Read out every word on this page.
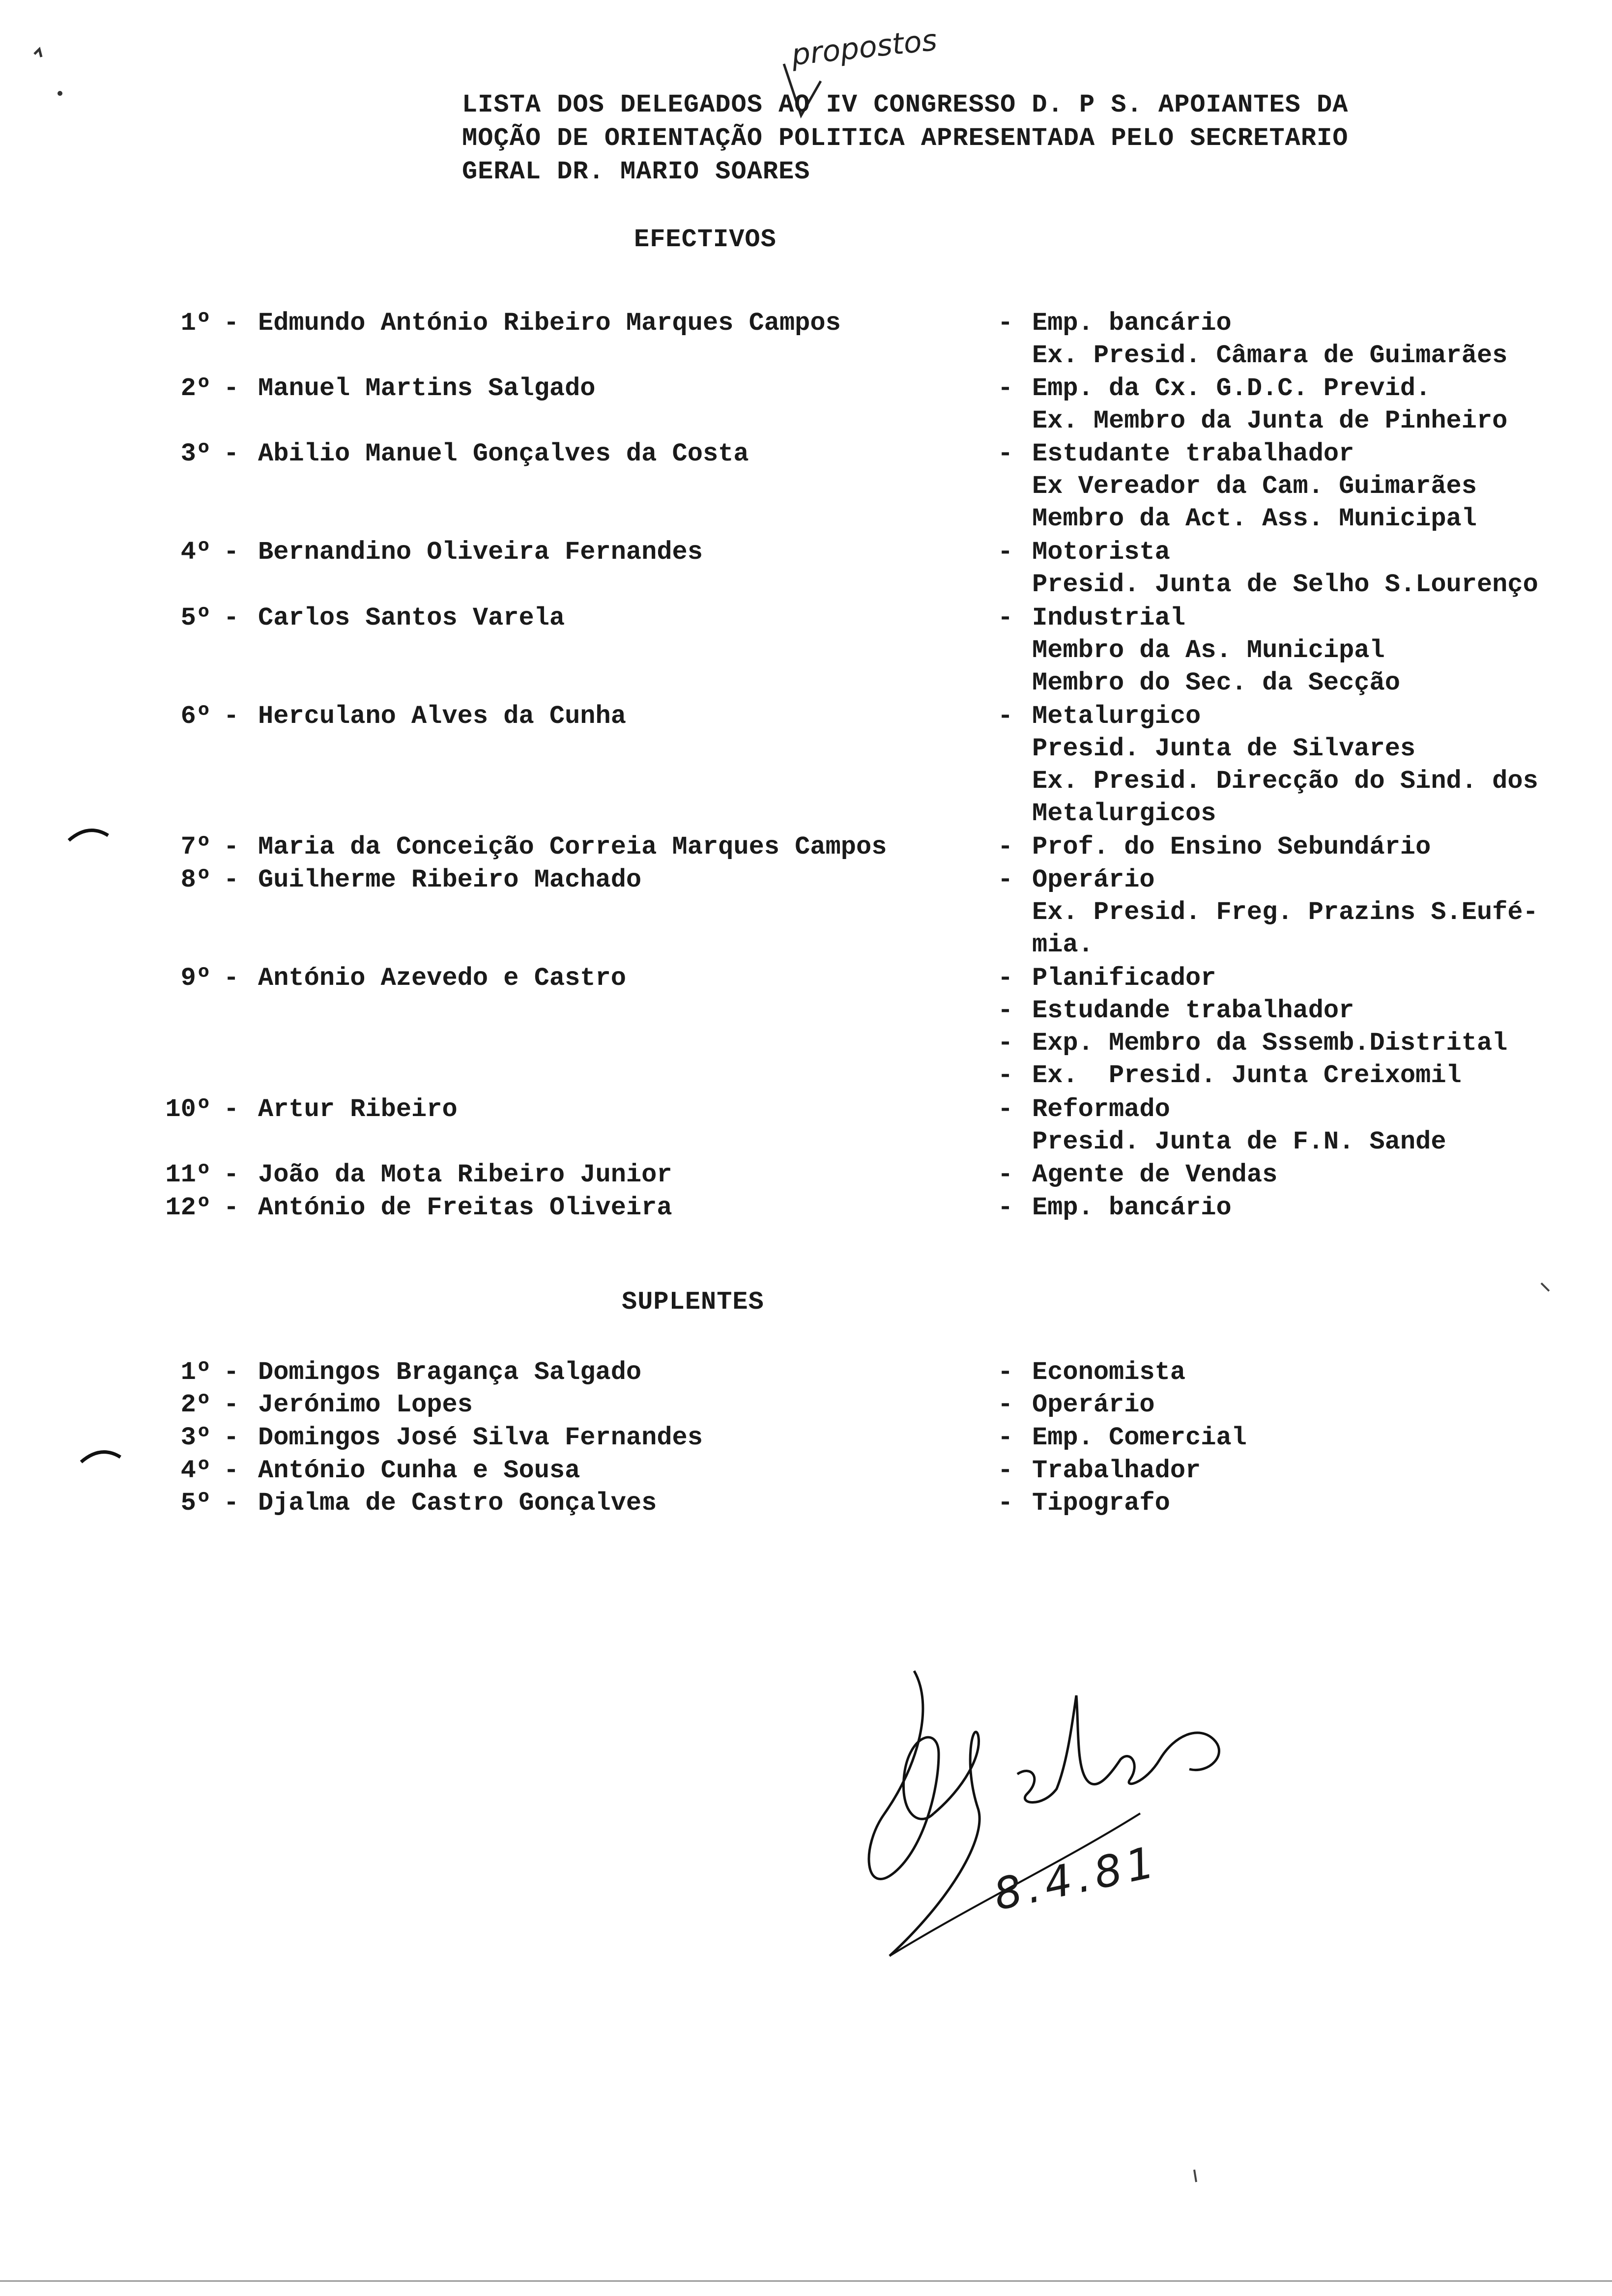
propostos
LISTA DOS DELEGADOS AO IV CONGRESSO D. P S. APOIANTES DA
MOÇÃO DE ORIENTAÇÃO POLITICA APRESENTADA PELO SECRETARIO
GERAL DR. MARIO SOARES
EFECTIVOS
1º - Edmundo António Ribeiro Marques Campos	- Emp. bancário
Ex. Presid. Câmara de Guimarães
2º - Manuel Martins Salgado	- Emp. da Cx. G.D.C. Previd.
Ex. Membro da Junta de Pinheiro
3º - Abilio Manuel Gonçalves da Costa	- Estudante trabalhador
Ex Vereador da Cam. Guimarães
Membro da Act. Ass. Municipal
4º - Bernandino Oliveira Fernandes	- Motorista
Presid. Junta de Selho S.Lourenço
5º - Carlos Santos Varela	- Industrial
Membro da As. Municipal
Membro do Sec. da Secção
6º - Herculano Alves da Cunha	- Metalurgico
Presid. Junta de Silvares
Ex. Presid. Direcção do Sind. dos
Metalurgicos
7º - Maria da Conceição Correia Marques Campos	- Prof. do Ensino Sebundário
8º - Guilherme Ribeiro Machado	- Operário
Ex. Presid. Freg. Prazins S.Eufé-
mia.
9º - António Azevedo e Castro	- Planificador
- Estudande trabalhador
- Exp. Membro da Sssemb.Distrital
- Ex.  Presid. Junta Creixomil
10º - Artur Ribeiro	- Reformado
Presid. Junta de F.N. Sande
11º - João da Mota Ribeiro Junior	- Agente de Vendas
12º - António de Freitas Oliveira	- Emp. bancário
SUPLENTES
1º - Domingos Bragança Salgado	- Economista
2º - Jerónimo Lopes	- Operário
3º - Domingos José Silva Fernandes	- Emp. Comercial
4º - António Cunha e Sousa	- Trabalhador
5º - Djalma de Castro Gonçalves	- Tipografo
8.4.81
